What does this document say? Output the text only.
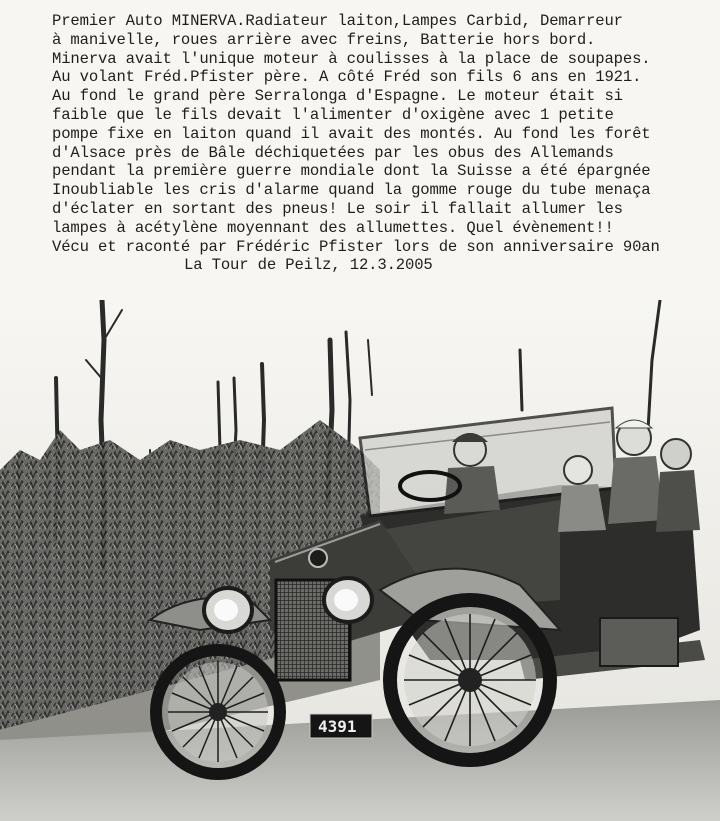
Premier Auto MINERVA.Radiateur laiton,Lampes Carbid, Demarreur
à manivelle, roues arrière avec freins, Batterie hors bord.
Minerva avait l'unique moteur à coulisses à la place de soupapes.
Au volant Fréd.Pfister père. A côté Fréd son fils 6 ans en 1921.
Au fond le grand père Serralonga d'Espagne. Le moteur était si
faible que le fils devait l'alimenter d'oxigène avec 1 petite
pompe fixe en laiton quand il avait des montés. Au fond les forêt
d'Alsace près de Bâle déchiquetées par les obus des Allemands
pendant la première guerre mondiale dont la Suisse a été épargnée
Inoubliable les cris d'alarme quand la gomme rouge du tube menaça
d'éclater en sortant des pneus! Le soir il fallait allumer les
lampes à acétylène moyennant des allumettes. Quel évènement!!
Vécu et raconté par Frédéric Pfister lors de son anniversaire 90an
La Tour de Peilz, 12.3.2005
4391
